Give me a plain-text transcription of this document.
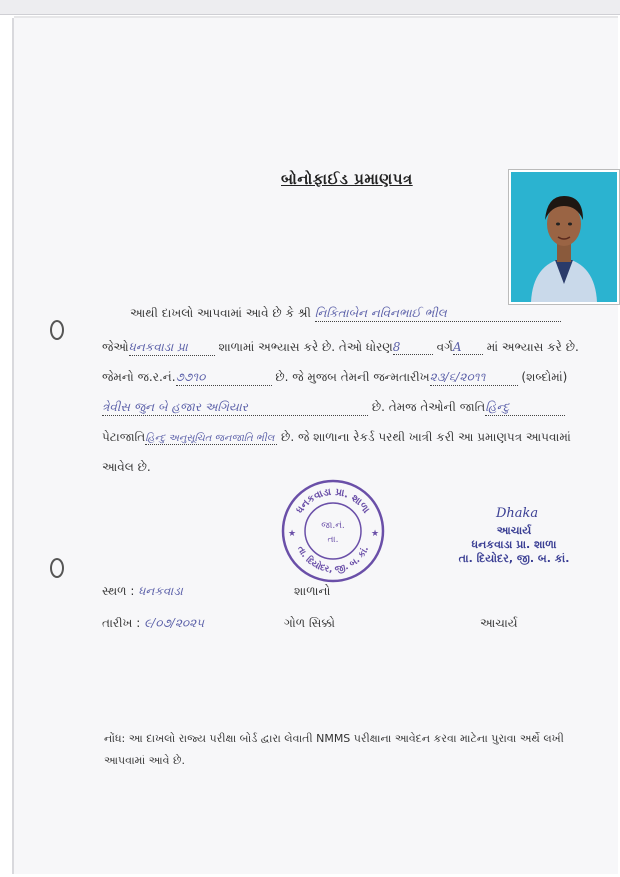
બોનોફાઈડ પ્રમાણપત્ર
આથી દાખલો આપવામાં આવે છે કે શ્રી નિકિતાબેન નવિનભાઈ ભીલ
જેઓધનકવાડા પ્રા	શાળામાં અભ્યાસ કરે છે. તેઓ ધોરણ8	વર્ગA માં અભ્યાસ કરે છે.
જેમનો જ.ર.નં.૭૭૧૦	છે. જે મુજબ તેમની જન્મતારીખ૨૩/૬/૨૦૧૧	(શબ્દોમાં)
ત્રેવીસ જુન બે હજાર અગિયાર	છે. તેમજ તેઓની જાતિહિન્દુ
પેટાજાતિહિન્દુ અનુસૂચિત જનજાતિ ભીલ છે. જે શાળાના રેકર્ડ પરથી ખાત્રી કરી આ પ્રમાણપત્ર આપવામાં
આવેલ છે.
ધનકવાડા પ્રા. શાળા
તા. દિયોદર, જી. બ. કાં.
જા.નં.
તા.
★	★
Dhaka
આચાર્ય
ધનકવાડા પ્રા. શાળા
તા. દિયોદર, જી. બ. કાં.
સ્થળ : ધનકવાડા	શાળાનો
તારીખ : ૯/૦૭/૨૦૨૫	ગોળ સિક્કો	આચાર્ય
નોંધ: આ દાખલો રાજ્ય પરીક્ષા બોર્ડ દ્વારા લેવાતી NMMS પરીક્ષાના આવેદન કરવા માટેના પુરાવા અર્થે લખી
આપવામાં આવે છે.
